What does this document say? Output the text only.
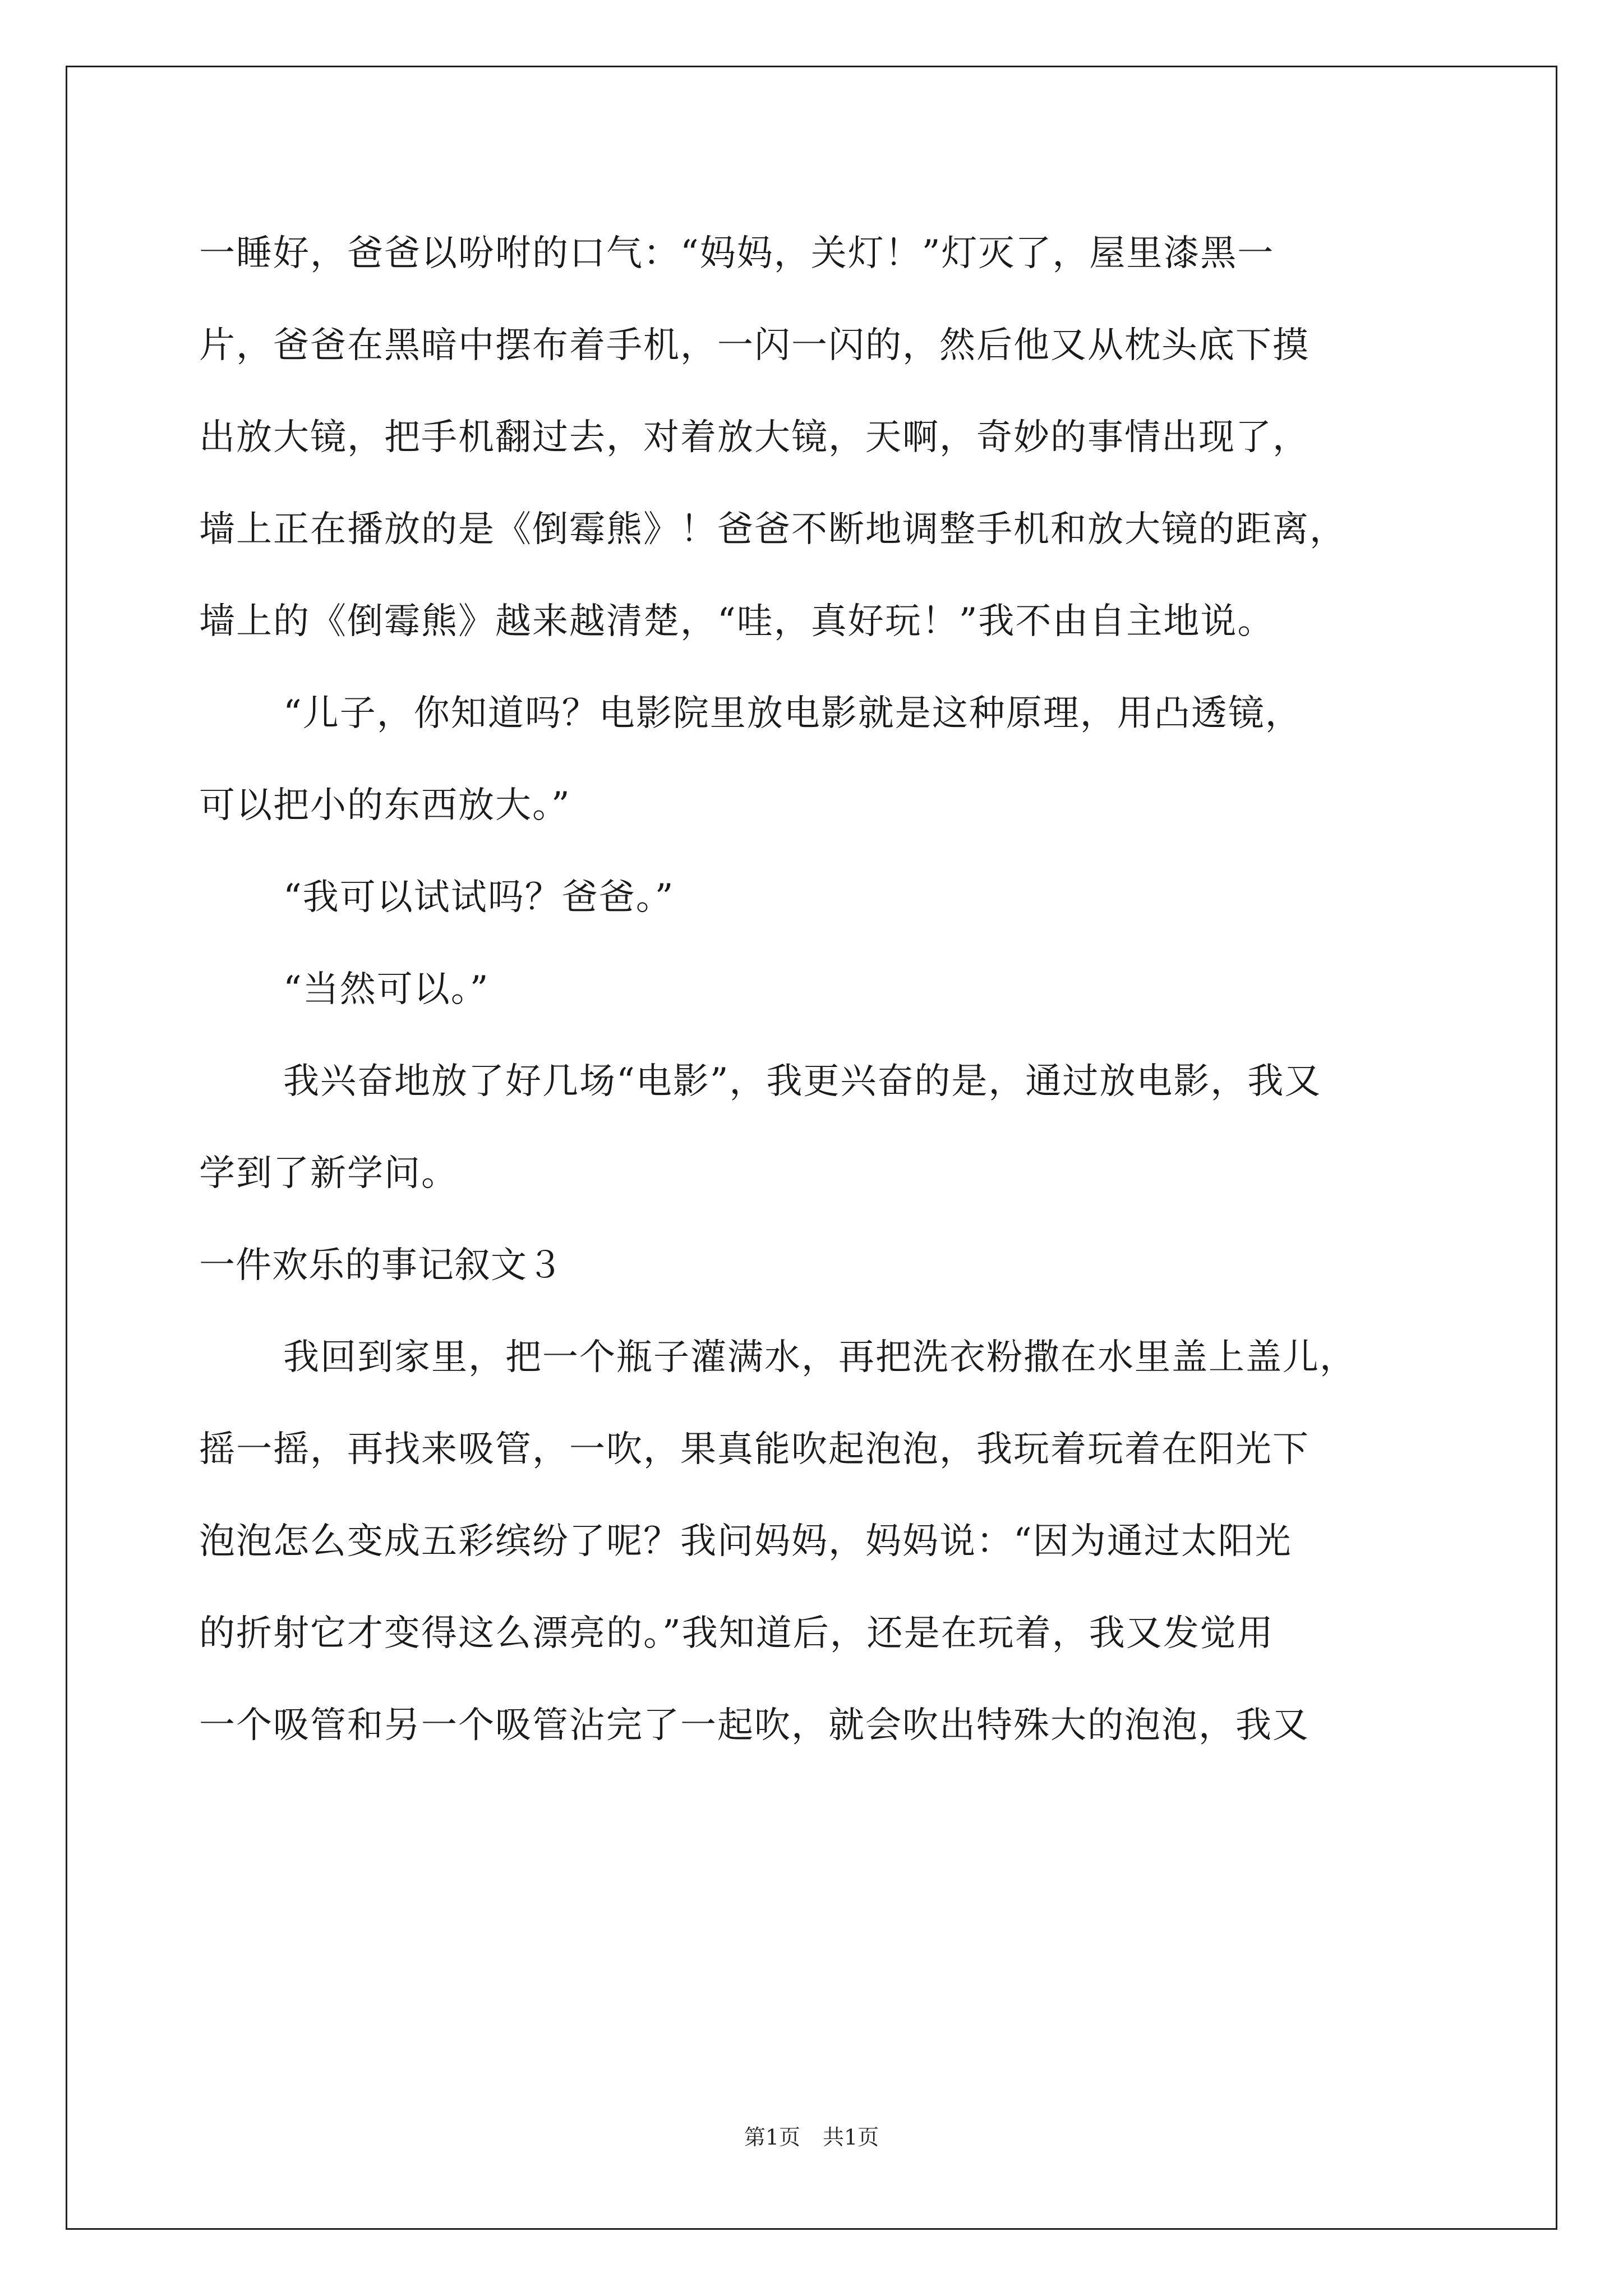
一睡好，爸爸以吩咐的口气：“妈妈，关灯！”灯灭了，屋里漆黑一
片，爸爸在黑暗中摆布着手机，一闪一闪的，然后他又从枕头底下摸
出放大镜，把手机翻过去，对着放大镜，天啊，奇妙的事情出现了，
墙上正在播放的是《倒霉熊》！爸爸不断地调整手机和放大镜的距离，
墙上的《倒霉熊》越来越清楚，“哇，真好玩！”我不由自主地说。
“儿子，你知道吗？电影院里放电影就是这种原理，用凸透镜，
可以把小的东西放大。”
“我可以试试吗？爸爸。”
“当然可以。”
我兴奋地放了好几场“电影”，我更兴奋的是，通过放电影，我又
学到了新学问。
一件欢乐的事记叙文３
我回到家里，把一个瓶子灌满水，再把洗衣粉撒在水里盖上盖儿，
摇一摇，再找来吸管，一吹，果真能吹起泡泡，我玩着玩着在阳光下
泡泡怎么变成五彩缤纷了呢？我问妈妈，妈妈说：“因为通过太阳光
的折射它才变得这么漂亮的。”我知道后，还是在玩着，我又发觉用
一个吸管和另一个吸管沾完了一起吹，就会吹出特殊大的泡泡，我又
第1页 共1页
